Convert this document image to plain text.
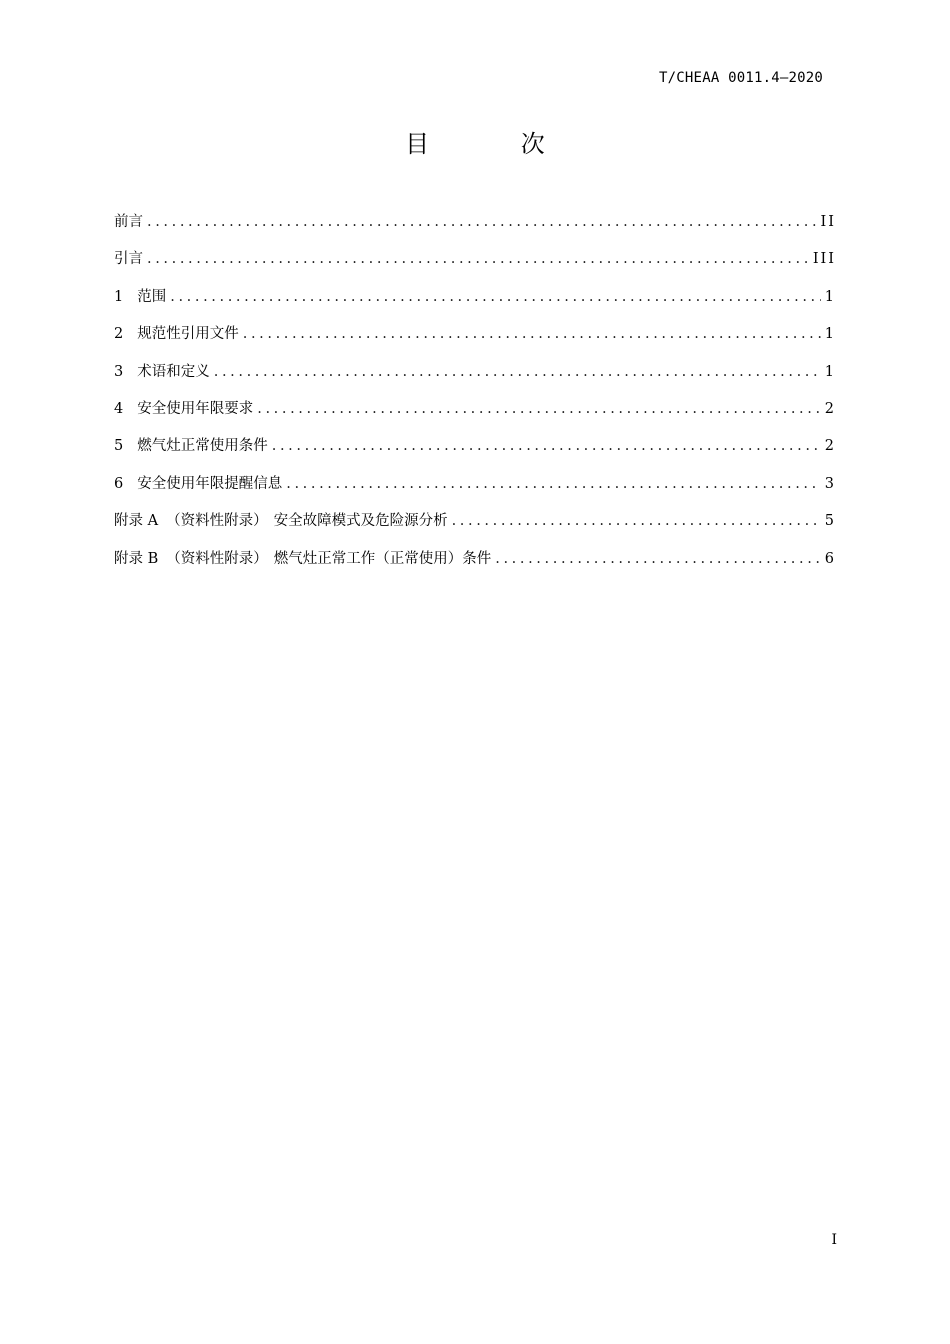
T/CHEAA 0011.4—2020
目 次
前言 .....	II
引言 .....	III
1 范围 .....	1
2 规范性引用文件 .....	1
3 术语和定义 .....	1
4 安全使用年限要求 .....	2
5 燃气灶正常使用条件 .....	2
6 安全使用年限提醒信息 .....	3
附录 A （资料性附录） 安全故障模式及危险源分析 .....	5
附录 B （资料性附录） 燃气灶正常工作（正常使用）条件 .....	6
I
